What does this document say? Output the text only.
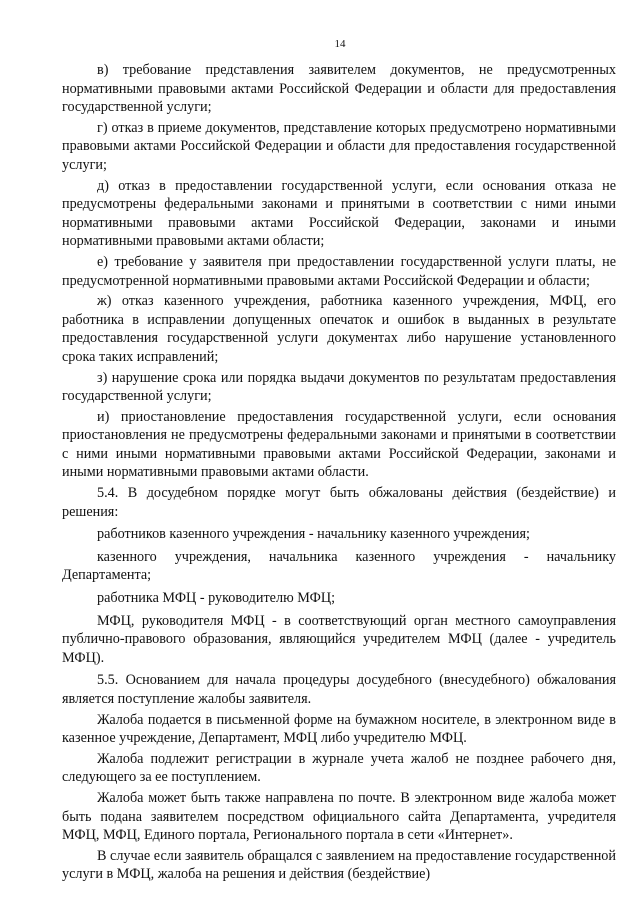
14

в) требование представления заявителем документов, не предусмотренных нормативными правовыми актами Российской Федерации и области для предоставления государственной услуги;

г) отказ в приеме документов, представление которых предусмотрено нормативными правовыми актами Российской Федерации и области для предоставления государственной услуги;

д) отказ в предоставлении государственной услуги, если основания отказа не предусмотрены федеральными законами и принятыми в соответствии с ними иными нормативными правовыми актами Российской Федерации, законами и иными нормативными правовыми актами области;

е) требование у заявителя при предоставлении государственной услуги платы, не предусмотренной нормативными правовыми актами Российской Федерации и области;

ж) отказ казенного учреждения, работника казенного учреждения, МФЦ, его работника в исправлении допущенных опечаток и ошибок в выданных в результате предоставления государственной услуги документах либо нарушение установленного срока таких исправлений;

з) нарушение срока или порядка выдачи документов по результатам предоставления государственной услуги;

и) приостановление предоставления государственной услуги, если основания приостановления не предусмотрены федеральными законами и принятыми в соответствии с ними иными нормативными правовыми актами Российской Федерации, законами и иными нормативными правовыми актами области.

5.4. В досудебном порядке могут быть обжалованы действия (бездействие) и решения:

работников казенного учреждения - начальнику казенного учреждения;

казенного учреждения, начальника казенного учреждения - начальнику Департамента;

работника МФЦ - руководителю МФЦ;

МФЦ, руководителя МФЦ - в соответствующий орган местного самоуправления публично-правового образования, являющийся учредителем МФЦ (далее - учредитель МФЦ).

5.5. Основанием для начала процедуры досудебного (внесудебного) обжалования является поступление жалобы заявителя.

Жалоба подается в письменной форме на бумажном носителе, в электронном виде в казенное учреждение, Департамент, МФЦ либо учредителю МФЦ.

Жалоба подлежит регистрации в журнале учета жалоб не позднее рабочего дня, следующего за ее поступлением.

Жалоба может быть также направлена по почте. В электронном виде жалоба может быть подана заявителем посредством официального сайта Департамента, учредителя МФЦ, МФЦ, Единого портала, Регионального портала в сети «Интернет».

В случае если заявитель обращался с заявлением на предоставление государственной услуги в МФЦ, жалоба на решения и действия (бездействие)
